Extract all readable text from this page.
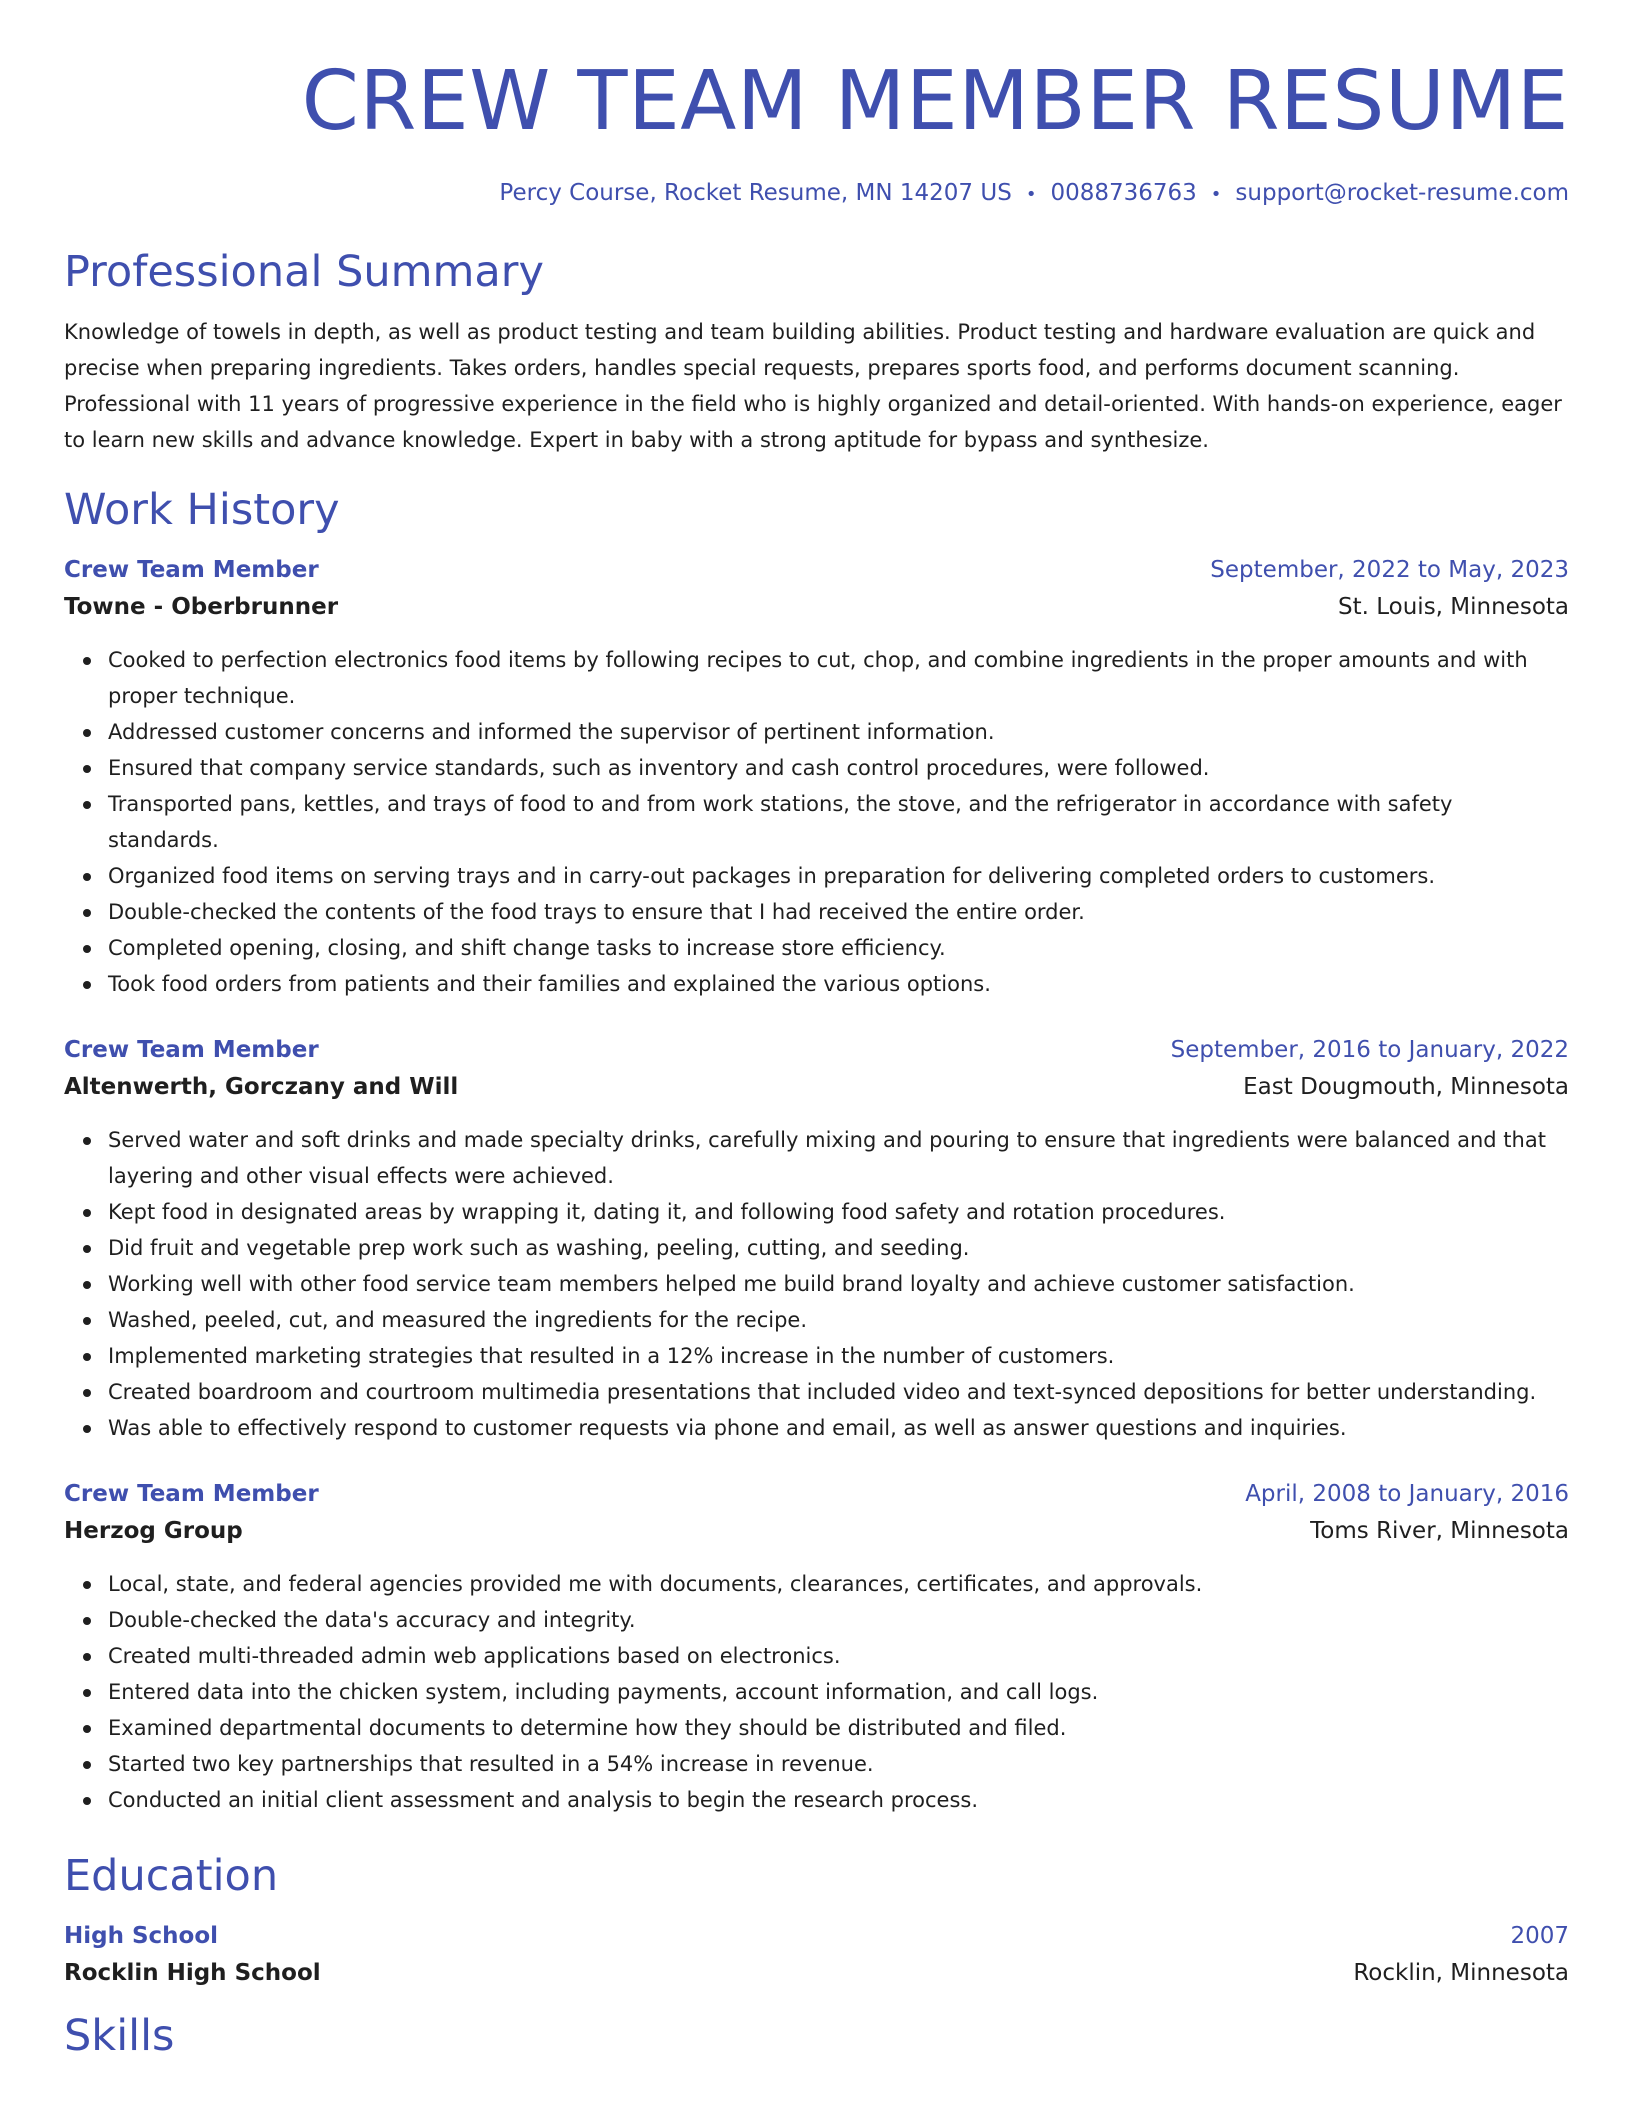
CREW TEAM MEMBER RESUME
Percy Course, Rocket Resume, MN 14207 US • 0088736763 • support@rocket-resume.com
Professional Summary
Knowledge of towels in depth, as well as product testing and team building abilities. Product testing and hardware evaluation are quick and precise when preparing ingredients. Takes orders, handles special requests, prepares sports food, and performs document scanning. Professional with 11 years of progressive experience in the field who is highly organized and detail-oriented. With hands-on experience, eager to learn new skills and advance knowledge. Expert in baby with a strong aptitude for bypass and synthesize.
Work History
Crew Team Member	September, 2022 to May, 2023
Towne - Oberbrunner	St. Louis, Minnesota
Cooked to perfection electronics food items by following recipes to cut, chop, and combine ingredients in the proper amounts and with proper technique.
Addressed customer concerns and informed the supervisor of pertinent information.
Ensured that company service standards, such as inventory and cash control procedures, were followed.
Transported pans, kettles, and trays of food to and from work stations, the stove, and the refrigerator in accordance with safety standards.
Organized food items on serving trays and in carry-out packages in preparation for delivering completed orders to customers.
Double-checked the contents of the food trays to ensure that I had received the entire order.
Completed opening, closing, and shift change tasks to increase store efficiency.
Took food orders from patients and their families and explained the various options.
Crew Team Member	September, 2016 to January, 2022
Altenwerth, Gorczany and Will	East Dougmouth, Minnesota
Served water and soft drinks and made specialty drinks, carefully mixing and pouring to ensure that ingredients were balanced and that layering and other visual effects were achieved.
Kept food in designated areas by wrapping it, dating it, and following food safety and rotation procedures.
Did fruit and vegetable prep work such as washing, peeling, cutting, and seeding.
Working well with other food service team members helped me build brand loyalty and achieve customer satisfaction.
Washed, peeled, cut, and measured the ingredients for the recipe.
Implemented marketing strategies that resulted in a 12% increase in the number of customers.
Created boardroom and courtroom multimedia presentations that included video and text-synced depositions for better understanding.
Was able to effectively respond to customer requests via phone and email, as well as answer questions and inquiries.
Crew Team Member	April, 2008 to January, 2016
Herzog Group	Toms River, Minnesota
Local, state, and federal agencies provided me with documents, clearances, certificates, and approvals.
Double-checked the data's accuracy and integrity.
Created multi-threaded admin web applications based on electronics.
Entered data into the chicken system, including payments, account information, and call logs.
Examined departmental documents to determine how they should be distributed and filed.
Started two key partnerships that resulted in a 54% increase in revenue.
Conducted an initial client assessment and analysis to begin the research process.
Education
High School	2007
Rocklin High School	Rocklin, Minnesota
Skills
